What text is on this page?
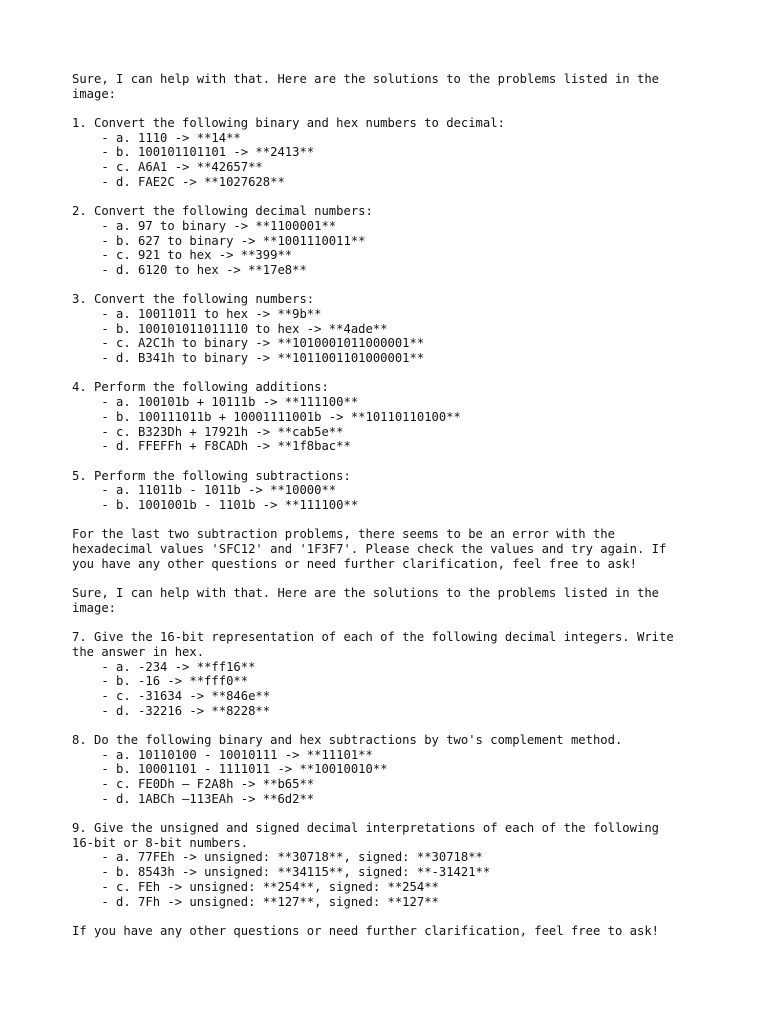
Sure, I can help with that. Here are the solutions to the problems listed in the
image:
1. Convert the following binary and hex numbers to decimal:
- a. 1110 -> **14**
- b. 100101101101 -> **2413**
- c. A6A1 -> **42657**
- d. FAE2C -> **1027628**
2. Convert the following decimal numbers:
- a. 97 to binary -> **1100001**
- b. 627 to binary -> **1001110011**
- c. 921 to hex -> **399**
- d. 6120 to hex -> **17e8**
3. Convert the following numbers:
- a. 10011011 to hex -> **9b**
- b. 100101011011110 to hex -> **4ade**
- c. A2C1h to binary -> **1010001011000001**
- d. B341h to binary -> **1011001101000001**
4. Perform the following additions:
- a. 100101b + 10111b -> **111100**
- b. 100111011b + 10001111001b -> **10110110100**
- c. B323Dh + 17921h -> **cab5e**
- d. FFEFFh + F8CADh -> **1f8bac**
5. Perform the following subtractions:
- a. 11011b - 1011b -> **10000**
- b. 1001001b - 1101b -> **111100**
For the last two subtraction problems, there seems to be an error with the
hexadecimal values 'SFC12' and '1F3F7'. Please check the values and try again. If
you have any other questions or need further clarification, feel free to ask!
Sure, I can help with that. Here are the solutions to the problems listed in the
image:
7. Give the 16-bit representation of each of the following decimal integers. Write
the answer in hex.
- a. -234 -> **ff16**
- b. -16 -> **fff0**
- c. -31634 -> **846e**
- d. -32216 -> **8228**
8. Do the following binary and hex subtractions by two's complement method.
- a. 10110100 - 10010111 -> **11101**
- b. 10001101 - 1111011 -> **10010010**
- c. FE0Dh – F2A8h -> **b65**
- d. 1ABCh –113EAh -> **6d2**
9. Give the unsigned and signed decimal interpretations of each of the following
16-bit or 8-bit numbers.
- a. 77FEh -> unsigned: **30718**, signed: **30718**
- b. 8543h -> unsigned: **34115**, signed: **-31421**
- c. FEh -> unsigned: **254**, signed: **254**
- d. 7Fh -> unsigned: **127**, signed: **127**
If you have any other questions or need further clarification, feel free to ask!
